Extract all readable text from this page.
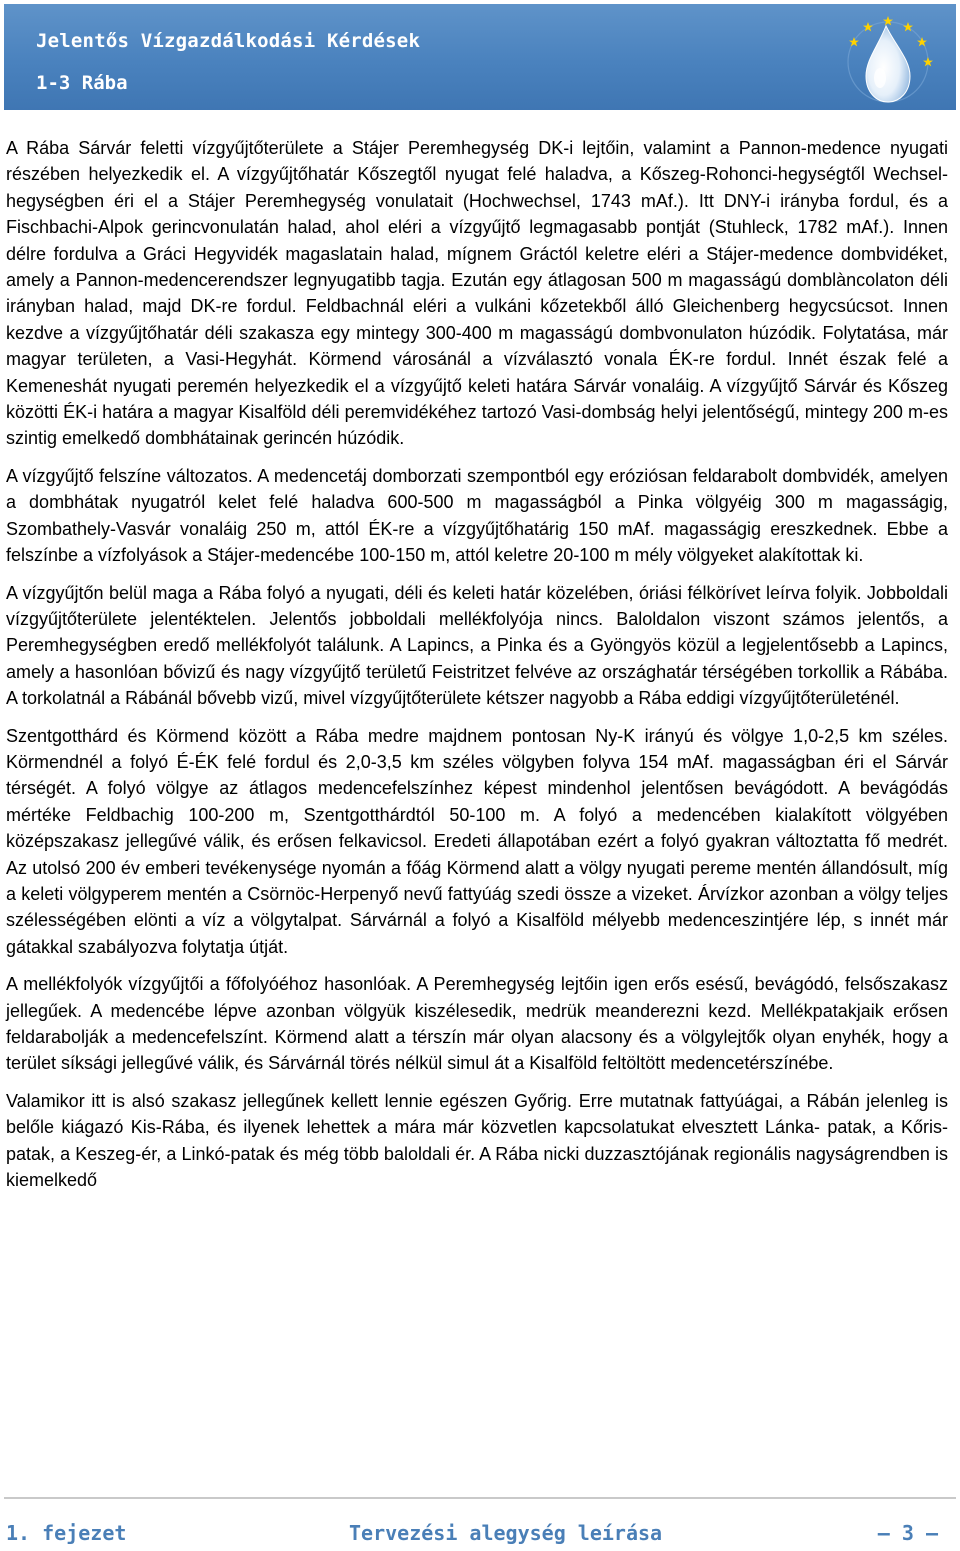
Jelentős Vízgazdálkodási Kérdések
1-3 Rába

A Rába Sárvár feletti vízgyűjtőterülete a Stájer Peremhegység DK-i lejtőin, valamint a Pannon-medence nyugati részében helyezkedik el. A vízgyűjtőhatár Kőszegtől nyugat felé haladva, a Kőszeg-Rohonci-hegységtől Wechsel-hegységben éri el a Stájer Peremhegység vonulatait (Hochwechsel, 1743 mAf.). Itt DNY-i irányba fordul, és a Fischbachi-Alpok gerincvonulatán halad, ahol eléri a vízgyűjtő legmagasabb pontját (Stuhleck, 1782 mAf.). Innen délre fordulva a Gráci Hegyvidék magaslatain halad, mígnem Gráctól keletre eléri a Stájer-medence dombvidéket, amely a Pannon-medencerendszer legnyugatibb tagja. Ezután egy átlagosan 500 m magasságú domblàncolaton déli irányban halad, majd DK-re fordul. Feldbachnál eléri a vulkáni kőzetekből álló Gleichenberg hegycsúcsot. Innen kezdve a vízgyűjtőhatár déli szakasza egy mintegy 300-400 m magasságú dombvonulaton húzódik. Folytatása, már magyar területen, a Vasi-Hegyhát. Körmend városánál a vízválasztó vonala ÉK-re fordul. Innét észak felé a Kemeneshát nyugati peremén helyezkedik el a vízgyűjtő keleti határa Sárvár vonaláig. A vízgyűjtő Sárvár és Kőszeg közötti ÉK-i határa a magyar Kisalföld déli peremvidékéhez tartozó Vasi-dombság helyi jelentőségű, mintegy 200 m-es szintig emelkedő dombhátainak gerincén húzódik.

A vízgyűjtő felszíne változatos. A medencetáj domborzati szempontból egy eróziósan feldarabolt dombvidék, amelyen a dombhátak nyugatról kelet felé haladva 600-500 m magasságból a Pinka völgyéig 300 m magasságig, Szombathely-Vasvár vonaláig 250 m, attól ÉK-re a vízgyűjtőhatárig 150 mAf. magasságig ereszkednek. Ebbe a felszínbe a vízfolyások a Stájer-medencébe 100-150 m, attól keletre 20-100 m mély völgyeket alakítottak ki.

A vízgyűjtőn belül maga a Rába folyó a nyugati, déli és keleti határ közelében, óriási félkörívet leírva folyik. Jobboldali vízgyűjtőterülete jelentéktelen. Jelentős jobboldali mellékfolyója nincs. Baloldalon viszont számos jelentős, a Peremhegységben eredő mellékfolyót találunk. A Lapincs, a Pinka és a Gyöngyös közül a legjelentősebb a Lapincs, amely a hasonlóan bővizű és nagy vízgyűjtő területű Feistritzet felvéve az országhatár térségében torkollik a Rábába. A torkolatnál a Rábánál bővebb vizű, mivel vízgyűjtőterülete kétszer nagyobb a Rába eddigi vízgyűjtőterületénél.

Szentgotthárd és Körmend között a Rába medre majdnem pontosan Ny-K irányú és völgye 1,0-2,5 km széles. Körmendnél a folyó É-ÉK felé fordul és 2,0-3,5 km széles völgyben folyva 154 mAf. magasságban éri el Sárvár térségét. A folyó völgye az átlagos medencefelszínhez képest mindenhol jelentősen bevágódott. A bevágódás mértéke Feldbachig 100-200 m, Szentgotthárdtól 50-100 m. A folyó a medencében kialakított völgyében középszakasz jellegűvé válik, és erősen felkavicsol. Eredeti állapotában ezért a folyó gyakran változtatta fő medrét. Az utolsó 200 év emberi tevékenysége nyomán a főág Körmend alatt a völgy nyugati pereme mentén állandósult, míg a keleti völgyperem mentén a Csörnöc-Herpenyő nevű fattyúág szedi össze a vizeket. Árvízkor azonban a völgy teljes szélességében elönti a víz a völgytalpat. Sárvárnál a folyó a Kisalföld mélyebb medenceszintjére lép, s innét már gátakkal szabályozva folytatja útját.

A mellékfolyók vízgyűjtői a főfolyóéhoz hasonlóak. A Peremhegység lejtőin igen erős esésű, bevágódó, felsőszakasz jellegűek. A medencébe lépve azonban völgyük kiszélesedik, medrük meanderezni kezd. Mellékpatakjaik erősen feldarabolják a medencefelszínt. Körmend alatt a térszín már olyan alacsony és a völgylejtők olyan enyhék, hogy a terület síksági jellegűvé válik, és Sárvárnál törés nélkül simul át a Kisalföld feltöltött medencetérszínébe.

Valamikor itt is alsó szakasz jellegűnek kellett lennie egészen Győrig. Erre mutatnak fattyúágai, a Rábán jelenleg is belőle kiágazó Kis-Rába, és ilyenek lehettek a mára már közvetlen kapcsolatukat elvesztett Lánka- patak, a Kőris-patak, a Keszeg-ér, a Linkó-patak és még több baloldali ér. A Rába nicki duzzasztójának regionális nagyságrendben is kiemelkedő

1. fejezet	Tervezési alegység leírása	― 3 ―
